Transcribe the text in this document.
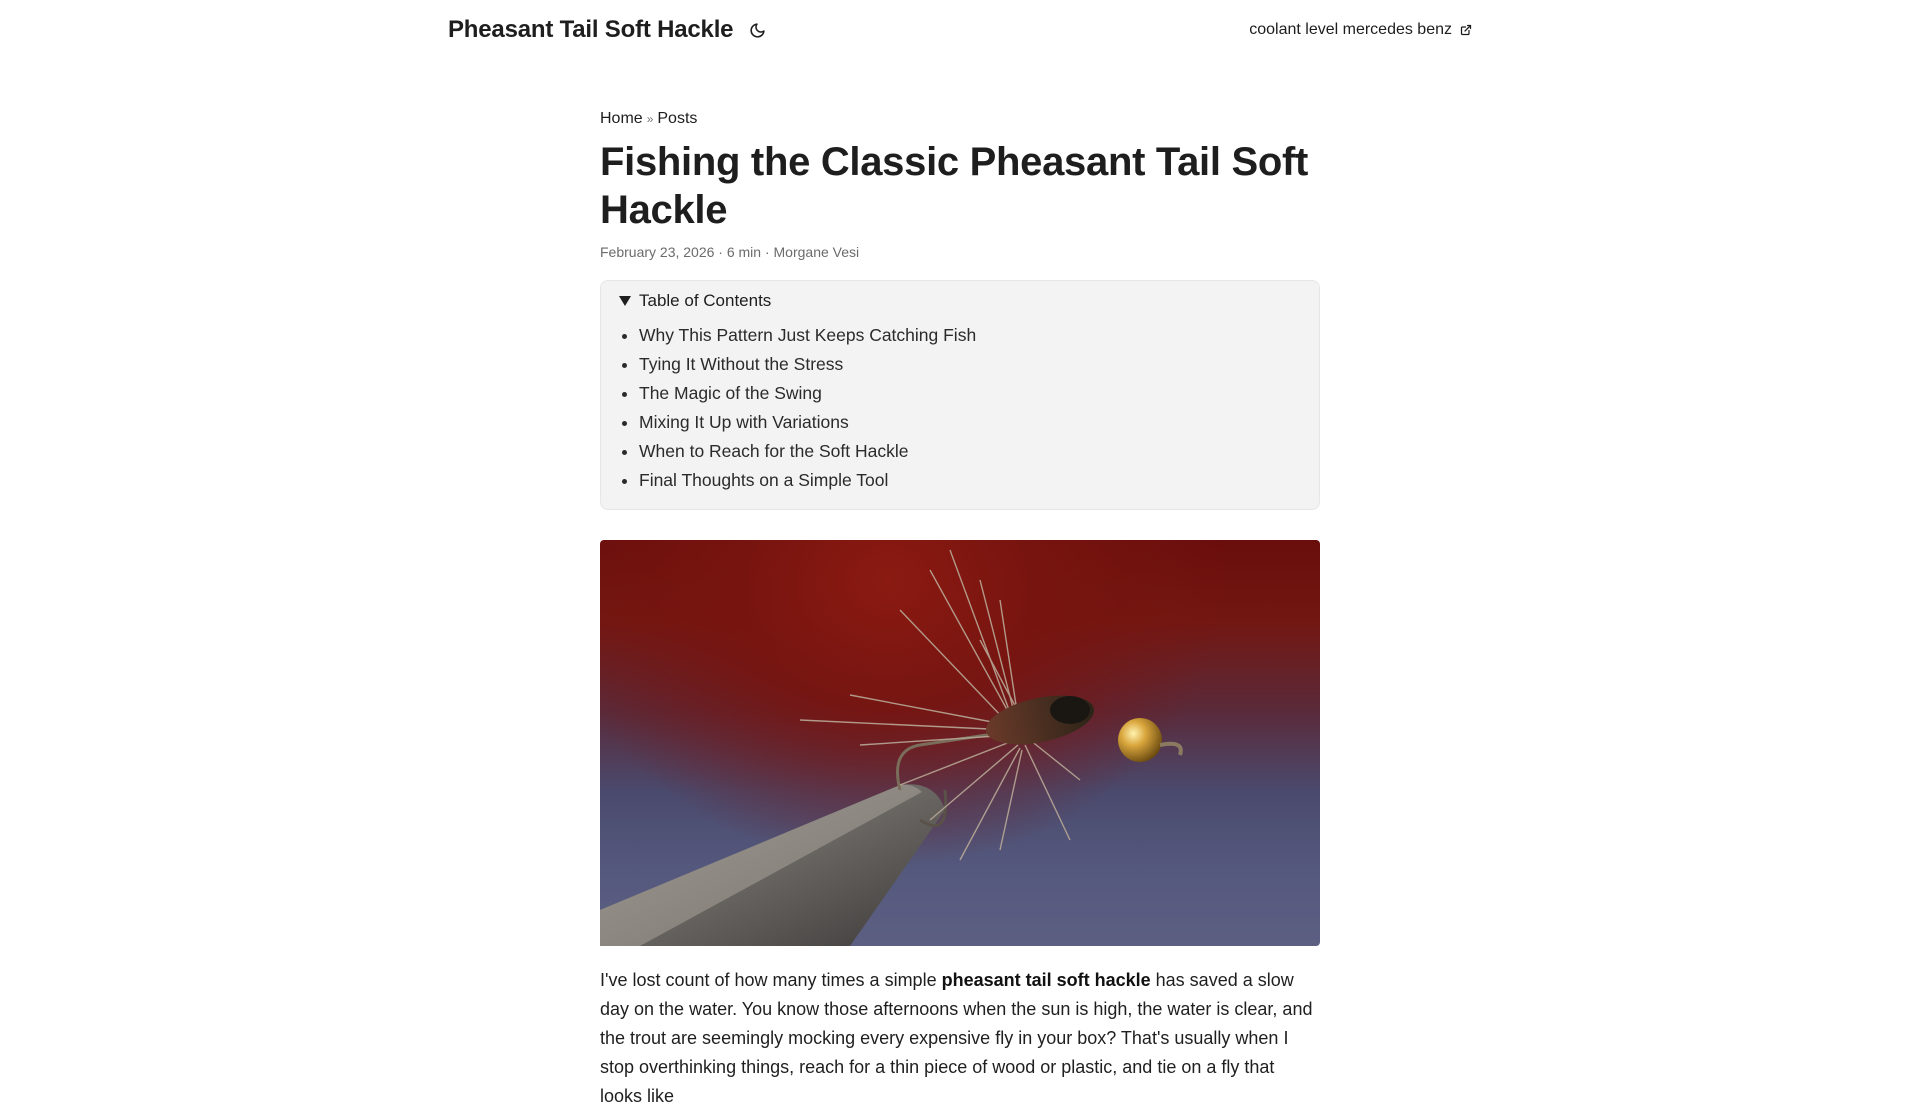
Pheasant Tail Soft Hackle	coolant level mercedes benz
Home » Posts
Fishing the Classic Pheasant Tail Soft Hackle
February 23, 2026 · 6 min · Morgane Vesi
Table of Contents
• Why This Pattern Just Keeps Catching Fish
• Tying It Without the Stress
• The Magic of the Swing
• Mixing It Up with Variations
• When to Reach for the Soft Hackle
• Final Thoughts on a Simple Tool

I've lost count of how many times a simple pheasant tail soft hackle has saved a slow day on the water. You know those afternoons when the sun is high, the water is clear, and the trout are seemingly mocking every expensive fly in your box? That's usually when I stop overthinking things, reach for a thin piece of wood or plastic, and tie on a fly that looks like
